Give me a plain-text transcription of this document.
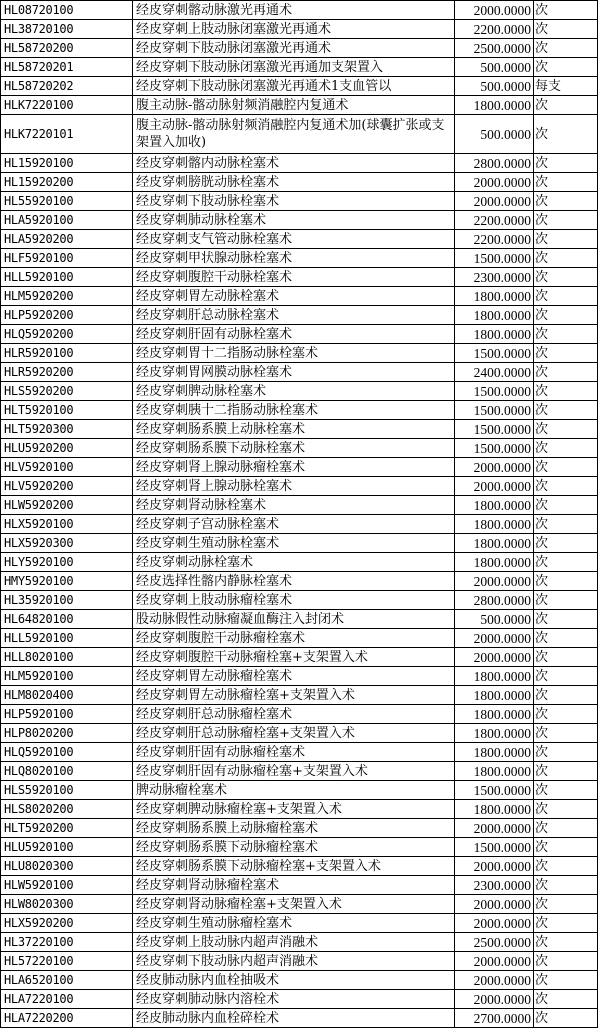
HL08720100	经皮穿刺髂动脉激光再通术	2000.0000	次
HL38720100	经皮穿刺上肢动脉闭塞激光再通术	2200.0000	次
HL58720200	经皮穿刺下肢动脉闭塞激光再通术	2500.0000	次
HL58720201	经皮穿刺下肢动脉闭塞激光再通加支架置入	500.0000	次
HL58720202	经皮穿刺下肢动脉闭塞激光再通术1支血管以	500.0000	每支
HLK7220100	腹主动脉-髂动脉射频消融腔内复通术	1800.0000	次
HLK7220101	腹主动脉-髂动脉射频消融腔内复通术加(球囊扩张或支架置入加收)	500.0000	次
HL15920100	经皮穿刺髂内动脉栓塞术	2800.0000	次
HL15920200	经皮穿刺膀胱动脉栓塞术	2000.0000	次
HL55920100	经皮穿刺下肢动脉栓塞术	2000.0000	次
HLA5920100	经皮穿刺肺动脉栓塞术	2200.0000	次
HLA5920200	经皮穿刺支气管动脉栓塞术	2200.0000	次
HLF5920100	经皮穿刺甲状腺动脉栓塞术	1500.0000	次
HLL5920100	经皮穿刺腹腔干动脉栓塞术	2300.0000	次
HLM5920200	经皮穿刺胃左动脉栓塞术	1800.0000	次
HLP5920200	经皮穿刺肝总动脉栓塞术	1800.0000	次
HLQ5920200	经皮穿刺肝固有动脉栓塞术	1800.0000	次
HLR5920100	经皮穿刺胃十二指肠动脉栓塞术	1500.0000	次
HLR5920200	经皮穿刺胃网膜动脉栓塞术	2400.0000	次
HLS5920200	经皮穿刺脾动脉栓塞术	1500.0000	次
HLT5920100	经皮穿刺胰十二指肠动脉栓塞术	1500.0000	次
HLT5920300	经皮穿刺肠系膜上动脉栓塞术	1500.0000	次
HLU5920200	经皮穿刺肠系膜下动脉栓塞术	1500.0000	次
HLV5920100	经皮穿刺肾上腺动脉瘤栓塞术	2000.0000	次
HLV5920200	经皮穿刺肾上腺动脉栓塞术	2000.0000	次
HLW5920200	经皮穿刺肾动脉栓塞术	1800.0000	次
HLX5920100	经皮穿刺子宫动脉栓塞术	1800.0000	次
HLX5920300	经皮穿刺生殖动脉栓塞术	1800.0000	次
HLY5920100	经皮穿刺动脉栓塞术	1800.0000	次
HMY5920100	经皮选择性髂内静脉栓塞术	2000.0000	次
HL35920100	经皮穿刺上肢动脉瘤栓塞术	2800.0000	次
HL64820100	股动脉假性动脉瘤凝血酶注入封闭术	500.0000	次
HLL5920100	经皮穿刺腹腔干动脉瘤栓塞术	2000.0000	次
HLL8020100	经皮穿刺腹腔干动脉瘤栓塞+支架置入术	2000.0000	次
HLM5920100	经皮穿刺胃左动脉瘤栓塞术	1800.0000	次
HLM8020400	经皮穿刺胃左动脉瘤栓塞+支架置入术	1800.0000	次
HLP5920100	经皮穿刺肝总动脉瘤栓塞术	1800.0000	次
HLP8020200	经皮穿刺肝总动脉瘤栓塞+支架置入术	1800.0000	次
HLQ5920100	经皮穿刺肝固有动脉瘤栓塞术	1800.0000	次
HLQ8020100	经皮穿刺肝固有动脉瘤栓塞+支架置入术	1800.0000	次
HLS5920100	脾动脉瘤栓塞术	1500.0000	次
HLS8020200	经皮穿刺脾动脉瘤栓塞+支架置入术	1800.0000	次
HLT5920200	经皮穿刺肠系膜上动脉瘤栓塞术	2000.0000	次
HLU5920100	经皮穿刺肠系膜下动脉瘤栓塞术	1500.0000	次
HLU8020300	经皮穿刺肠系膜下动脉瘤栓塞+支架置入术	2000.0000	次
HLW5920100	经皮穿刺肾动脉瘤栓塞术	2300.0000	次
HLW8020300	经皮穿刺肾动脉瘤栓塞+支架置入术	2000.0000	次
HLX5920200	经皮穿刺生殖动脉瘤栓塞术	2000.0000	次
HL37220100	经皮穿刺上肢动脉内超声消融术	2500.0000	次
HL57220100	经皮穿刺下肢动脉内超声消融术	2000.0000	次
HLA6520100	经皮肺动脉内血栓抽吸术	2000.0000	次
HLA7220100	经皮穿刺肺动脉内溶栓术	2000.0000	次
HLA7220200	经皮肺动脉内血栓碎栓术	2700.0000	次
